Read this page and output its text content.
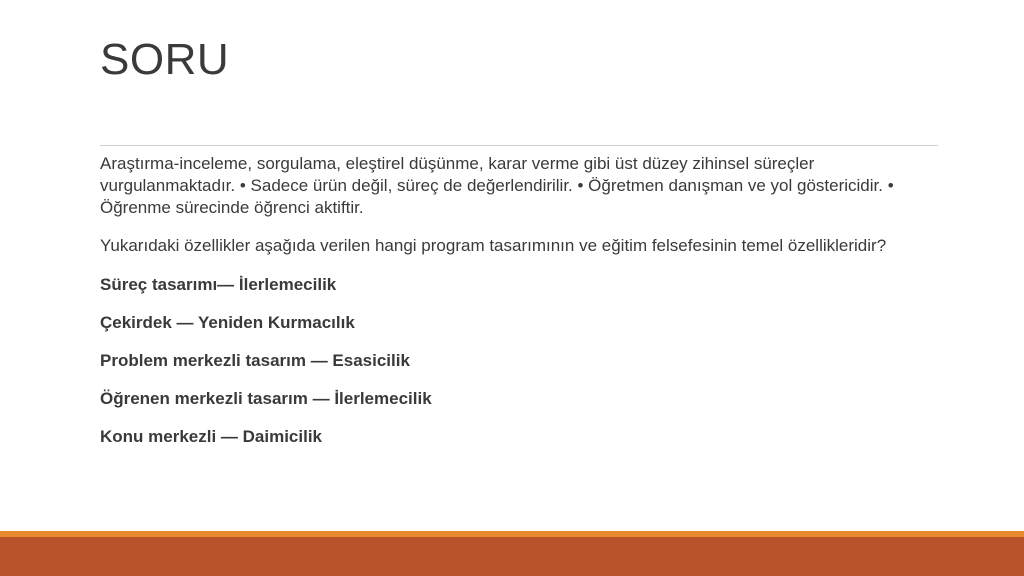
SORU

Araştırma-inceleme, sorgulama, eleştirel düşünme, karar verme gibi üst düzey zihinsel süreçler vurgulanmaktadır. • Sadece ürün değil, süreç de değerlendirilir. • Öğretmen danışman ve yol göstericidir. • Öğrenme sürecinde öğrenci aktiftir.

Yukarıdaki özellikler aşağıda verilen hangi program tasarımının ve eğitim felsefesinin temel özellikleridir?

Süreç tasarımı— İlerlemecilik

Çekirdek — Yeniden Kurmacılık

Problem merkezli tasarım — Esasicilik

Öğrenen merkezli tasarım — İlerlemecilik

Konu merkezli — Daimicilik
